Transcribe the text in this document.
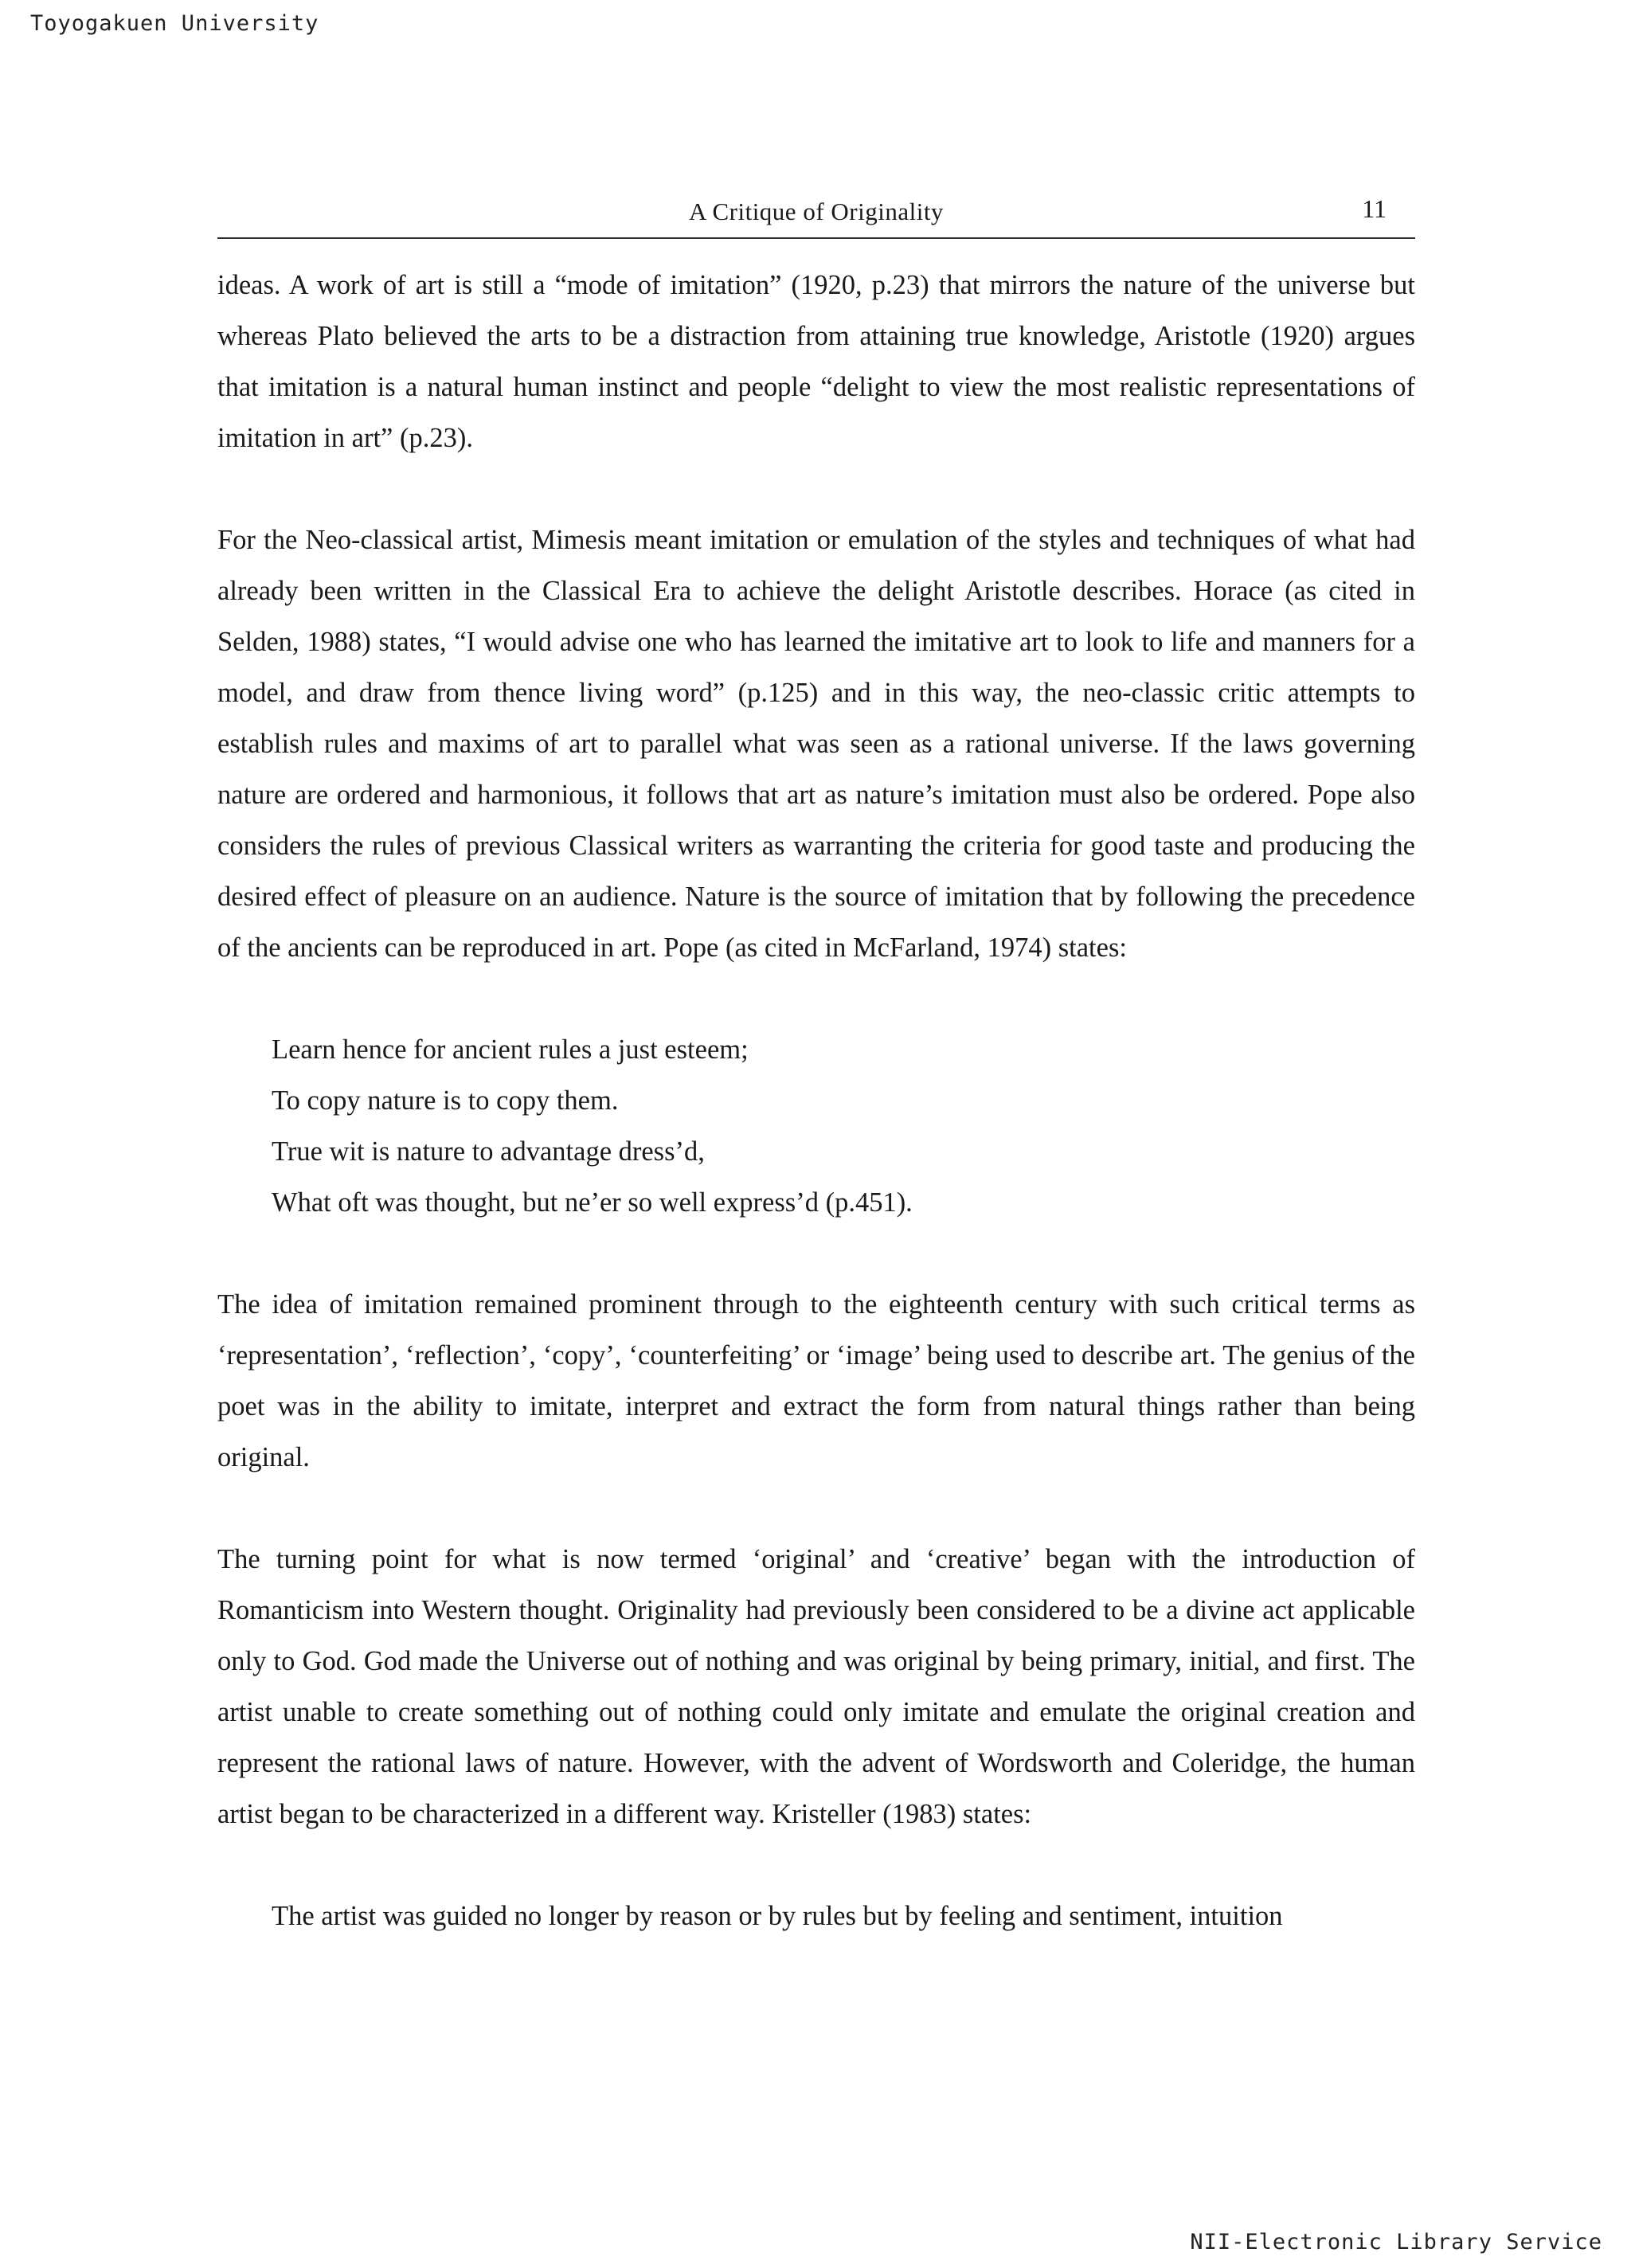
Toyogakuen University
A Critique of Originality	11

ideas. A work of art is still a “mode of imitation” (1920, p.23) that mirrors the nature of the universe but whereas Plato believed the arts to be a distraction from attaining true knowledge, Aristotle (1920) argues that imitation is a natural human instinct and people “delight to view the most realistic representations of imitation in art” (p.23).

For the Neo-classical artist, Mimesis meant imitation or emulation of the styles and techniques of what had already been written in the Classical Era to achieve the delight Aristotle describes. Horace (as cited in Selden, 1988) states, “I would advise one who has learned the imitative art to look to life and manners for a model, and draw from thence living word” (p.125) and in this way, the neo-classic critic attempts to establish rules and maxims of art to parallel what was seen as a rational universe. If the laws governing nature are ordered and harmonious, it follows that art as nature’s imitation must also be ordered. Pope also considers the rules of previous Classical writers as warranting the criteria for good taste and producing the desired effect of pleasure on an audience. Nature is the source of imitation that by following the precedence of the ancients can be reproduced in art. Pope (as cited in McFarland, 1974) states:

Learn hence for ancient rules a just esteem;
To copy nature is to copy them.
True wit is nature to advantage dress’d,
What oft was thought, but ne’er so well express’d (p.451).

The idea of imitation remained prominent through to the eighteenth century with such critical terms as ‘representation’, ‘reflection’, ‘copy’, ‘counterfeiting’ or ‘image’ being used to describe art. The genius of the poet was in the ability to imitate, interpret and extract the form from natural things rather than being original.

The turning point for what is now termed ‘original’ and ‘creative’ began with the introduction of Romanticism into Western thought. Originality had previously been considered to be a divine act applicable only to God. God made the Universe out of nothing and was original by being primary, initial, and first. The artist unable to create something out of nothing could only imitate and emulate the original creation and represent the rational laws of nature. However, with the advent of Wordsworth and Coleridge, the human artist began to be characterized in a different way. Kristeller (1983) states:

The artist was guided no longer by reason or by rules but by feeling and sentiment, intuition

NII-Electronic Library Service
